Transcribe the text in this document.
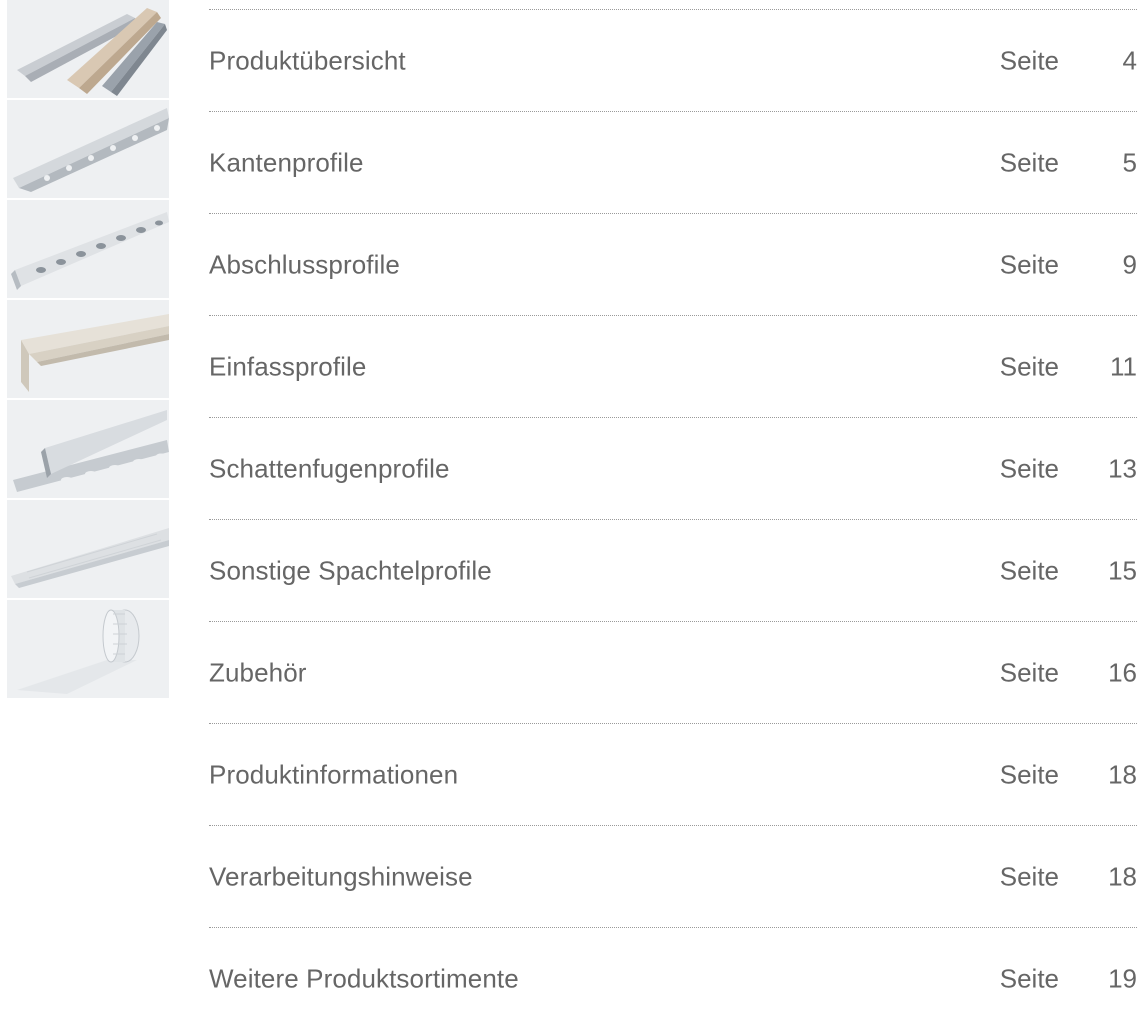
Produktübersicht	Seite 4
Kantenprofile	Seite 5
Abschlussprofile	Seite 9
Einfassprofile	Seite 11
Schattenfugenprofile	Seite 13
Sonstige Spachtelprofile	Seite 15
Zubehör	Seite 16
Produktinformationen	Seite 18
Verarbeitungshinweise	Seite 18
Weitere Produktsortimente	Seite 19
